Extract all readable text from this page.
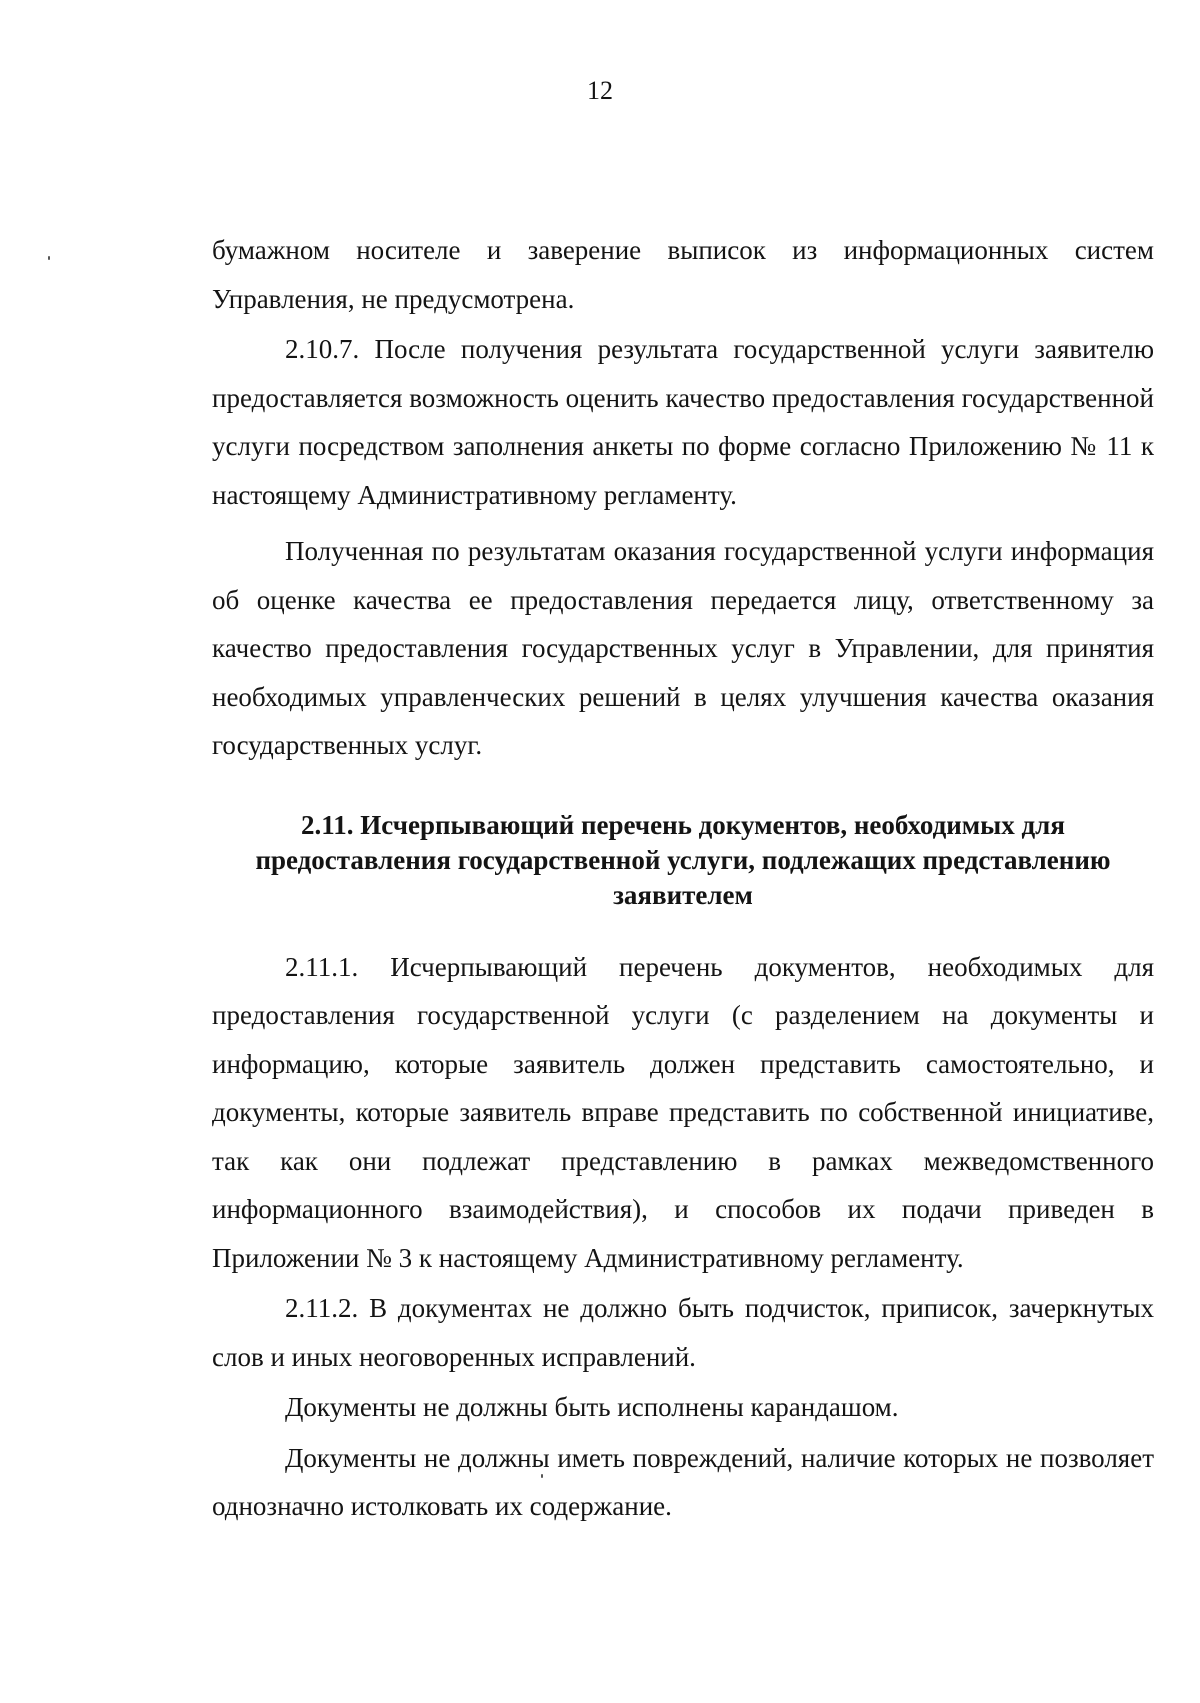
12

бумажном носителе и заверение выписок из информационных систем Управления, не предусмотрена.

2.10.7. После получения результата государственной услуги заявителю предоставляется возможность оценить качество предоставления государственной услуги посредством заполнения анкеты по форме согласно Приложению № 11 к настоящему Административному регламенту.

Полученная по результатам оказания государственной услуги информация об оценке качества ее предоставления передается лицу, ответственному за качество предоставления государственных услуг в Управлении, для принятия необходимых управленческих решений в целях улучшения качества оказания государственных услуг.

2.11. Исчерпывающий перечень документов, необходимых для
предоставления государственной услуги, подлежащих представлению
заявителем

2.11.1. Исчерпывающий перечень документов, необходимых для предоставления государственной услуги (с разделением на документы и информацию, которые заявитель должен представить самостоятельно, и документы, которые заявитель вправе представить по собственной инициативе, так как они подлежат представлению в рамках межведомственного информационного взаимодействия), и способов их подачи приведен в Приложении № 3 к настоящему Административному регламенту.

2.11.2. В документах не должно быть подчисток, приписок, зачеркнутых слов и иных неоговоренных исправлений.

Документы не должны быть исполнены карандашом.

Документы не должны иметь повреждений, наличие которых не позволяет однозначно истолковать их содержание.
